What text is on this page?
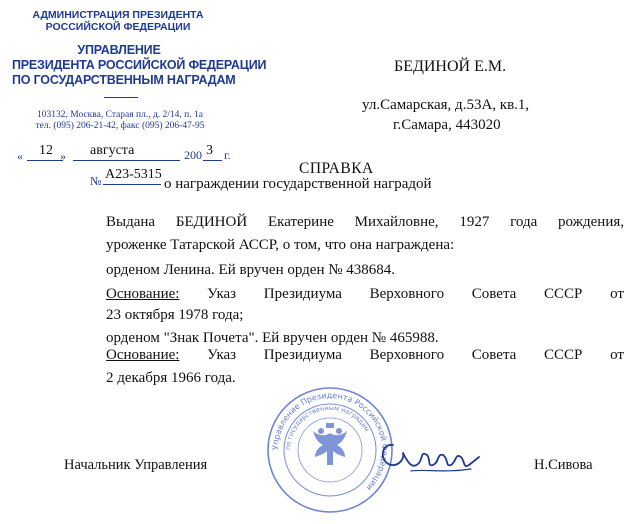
АДМИНИСТРАЦИЯ ПРЕЗИДЕНТА
РОССИЙСКОЙ ФЕДЕРАЦИИ
УПРАВЛЕНИЕ
ПРЕЗИДЕНТА РОССИЙСКОЙ ФЕДЕРАЦИИ
ПО ГОСУДАРСТВЕННЫМ НАГРАДАМ
103132, Москва, Старая пл., д. 2/14, п. 1а
тел. (095) 206-21-42, факс (095) 206-47-95
«	12 » августа	200 3 г.
№ А23-5315
БЕДИНОЙ Е.М.
ул.Самарская, д.53А, кв.1,
г.Самара, 443020
СПРАВКА
о награждении государственной наградой
Выдана БЕДИНОЙ Екатерине Михайловне, 1927 года рождения,
уроженке Татарской АССР, о том, что она награждена:
орденом Ленина. Ей вручен орден № 438684.
Основание: Указ Президиума Верховного Совета СССР от
23 октября 1978 года;
орденом "Знак Почета". Ей вручен орден № 465988.
Основание: Указ Президиума Верховного Совета СССР от
2 декабря 1966 года.
Управление Президента Российской Федерации
по государственным наградам
Начальник Управления	Н.Сивова
